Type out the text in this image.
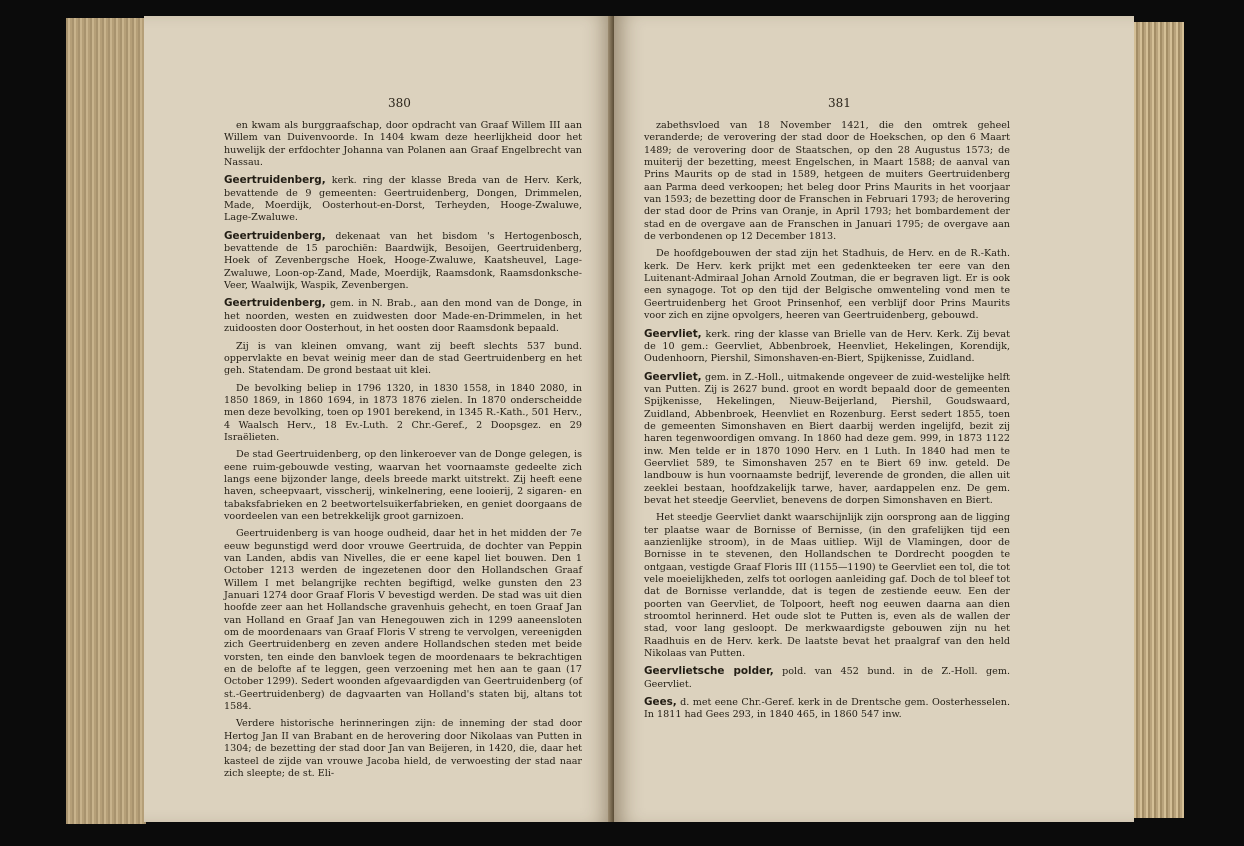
380

en kwam als burggraafschap, door opdracht van Graaf Willem III aan Willem van Duivenvoorde. In 1404 kwam deze heerlijkheid door het huwelijk der erfdochter Johanna van Polanen aan Graaf Engelbrecht van Nassau.

Geertruidenberg, kerk. ring der klasse Breda van de Herv. Kerk, bevattende de 9 gemeenten: Geertruidenberg, Dongen, Drimmelen, Made, Moerdijk, Oosterhout-en-Dorst, Terheyden, Hooge-Zwaluwe, Lage-Zwaluwe.

Geertruidenberg, dekenaat van het bisdom 's Hertogenbosch, bevattende de 15 parochiën: Baardwijk, Besoijen, Geertruidenberg, Hoek of Zevenbergsche Hoek, Hooge-Zwaluwe, Kaatsheuvel, Lage-Zwaluwe, Loon-op-Zand, Made, Moerdijk, Raamsdonk, Raamsdonksche-Veer, Waalwijk, Waspik, Zevenbergen.

Geertruidenberg, gem. in N. Brab., aan den mond van de Donge, in het noorden, westen en zuidwesten door Made-en-Drimmelen, in het zuidoosten door Oosterhout, in het oosten door Raamsdonk bepaald.

Zij is van kleinen omvang, want zij beeft slechts 537 bund. oppervlakte en bevat weinig meer dan de stad Geertruidenberg en het geh. Statendam. De grond bestaat uit klei.

De bevolking beliep in 1796 1320, in 1830 1558, in 1840 2080, in 1850 1869, in 1860 1694, in 1873 1876 zielen. In 1870 onderscheidde men deze bevolking, toen op 1901 berekend, in 1345 R.-Kath., 501 Herv., 4 Waalsch Herv., 18 Ev.-Luth. 2 Chr.-Geref., 2 Doopsgez. en 29 Israëlieten.

De stad Geertruidenberg, op den linkeroever van de Donge gelegen, is eene ruim-gebouwde vesting, waarvan het voornaamste gedeelte zich langs eene bijzonder lange, deels breede markt uitstrekt. Zij heeft eene haven, scheepvaart, visscherij, winkelnering, eene looierij, 2 sigaren- en tabaksfabrieken en 2 beetwortelsuikerfabrieken, en geniet doorgaans de voordeelen van een betrekkelijk groot garnizoen.

Geertruidenberg is van hooge oudheid, daar het in het midden der 7e eeuw begunstigd werd door vrouwe Geertruida, de dochter van Peppin van Landen, abdis van Nivelles, die er eene kapel liet bouwen. Den 1 October 1213 werden de ingezetenen door den Hollandschen Graaf Willem I met belangrijke rechten begiftigd, welke gunsten den 23 Januari 1274 door Graaf Floris V bevestigd werden. De stad was uit dien hoofde zeer aan het Hollandsche gravenhuis gehecht, en toen Graaf Jan van Holland en Graaf Jan van Henegouwen zich in 1299 aaneensloten om de moordenaars van Graaf Floris V streng te vervolgen, vereenigden zich Geertruidenberg en zeven andere Hollandschen steden met beide vorsten, ten einde den banvloek tegen de moordenaars te bekrachtigen en de belofte af te leggen, geen verzoening met hen aan te gaan (17 October 1299). Sedert woonden afgevaardigden van Geertruidenberg (of st.-Geertruidenberg) de dagvaarten van Holland's staten bij, altans tot 1584.

Verdere historische herinneringen zijn: de inneming der stad door Hertog Jan II van Brabant en de herovering door Nikolaas van Putten in 1304; de bezetting der stad door Jan van Beijeren, in 1420, die, daar het kasteel de zijde van vrouwe Jacoba hield, de verwoesting der stad naar zich sleepte; de st. Eli-

381

zabethsvloed van 18 November 1421, die den omtrek geheel veranderde; de verovering der stad door de Hoekschen, op den 6 Maart 1489; de verovering door de Staatschen, op den 28 Augustus 1573; de muiterij der bezetting, meest Engelschen, in Maart 1588; de aanval van Prins Maurits op de stad in 1589, hetgeen de muiters Geertruidenberg aan Parma deed verkoopen; het beleg door Prins Maurits in het voorjaar van 1593; de bezetting door de Franschen in Februari 1793; de herovering der stad door de Prins van Oranje, in April 1793; het bombardement der stad en de overgave aan de Franschen in Januari 1795; de overgave aan de verbondenen op 12 December 1813.

De hoofdgebouwen der stad zijn het Stadhuis, de Herv. en de R.-Kath. kerk. De Herv. kerk prijkt met een gedenkteeken ter eere van den Luitenant-Admiraal Johan Arnold Zoutman, die er begraven ligt. Er is ook een synagoge. Tot op den tijd der Belgische omwenteling vond men te Geertruidenberg het Groot Prinsenhof, een verblijf door Prins Maurits voor zich en zijne opvolgers, heeren van Geertruidenberg, gebouwd.

Geervliet, kerk. ring der klasse van Brielle van de Herv. Kerk. Zij bevat de 10 gem.: Geervliet, Abbenbroek, Heenvliet, Hekelingen, Korendijk, Oudenhoorn, Piershil, Simonshaven-en-Biert, Spijkenisse, Zuidland.

Geervliet, gem. in Z.-Holl., uitmakende ongeveer de zuid-westelijke helft van Putten. Zij is 2627 bund. groot en wordt bepaald door de gemeenten Spijkenisse, Hekelingen, Nieuw-Beijerland, Piershil, Goudswaard, Zuidland, Abbenbroek, Heenvliet en Rozenburg. Eerst sedert 1855, toen de gemeenten Simonshaven en Biert daarbij werden ingelijfd, bezit zij haren tegenwoordigen omvang. In 1860 had deze gem. 999, in 1873 1122 inw. Men telde er in 1870 1090 Herv. en 1 Luth. In 1840 had men te Geervliet 589, te Simonshaven 257 en te Biert 69 inw. geteld. De landbouw is hun voornaamste bedrijf, leverende de gronden, die allen uit zeeklei bestaan, hoofdzakelijk tarwe, haver, aardappelen enz. De gem. bevat het steedje Geervliet, benevens de dorpen Simonshaven en Biert.

Het steedje Geervliet dankt waarschijnlijk zijn oorsprong aan de ligging ter plaatse waar de Bornisse of Bernisse, (in den grafelijken tijd een aanzienlijke stroom), in de Maas uitliep. Wijl de Vlamingen, door de Bornisse in te stevenen, den Hollandschen te Dordrecht poogden te ontgaan, vestigde Graaf Floris III (1155—1190) te Geervliet een tol, die tot vele moeielijkheden, zelfs tot oorlogen aanleiding gaf. Doch de tol bleef tot dat de Bornisse verlandde, dat is tegen de zestiende eeuw. Een der poorten van Geervliet, de Tolpoort, heeft nog eeuwen daarna aan dien stroomtol herinnerd. Het oude slot te Putten is, even als de wallen der stad, voor lang gesloopt. De merkwaardigste gebouwen zijn nu het Raadhuis en de Herv. kerk. De laatste bevat het praalgraf van den held Nikolaas van Putten.

Geervlietsche polder, pold. van 452 bund. in de Z.-Holl. gem. Geervliet.

Gees, d. met eene Chr.-Geref. kerk in de Drentsche gem. Oosterhesselen. In 1811 had Gees 293, in 1840 465, in 1860 547 inw.
